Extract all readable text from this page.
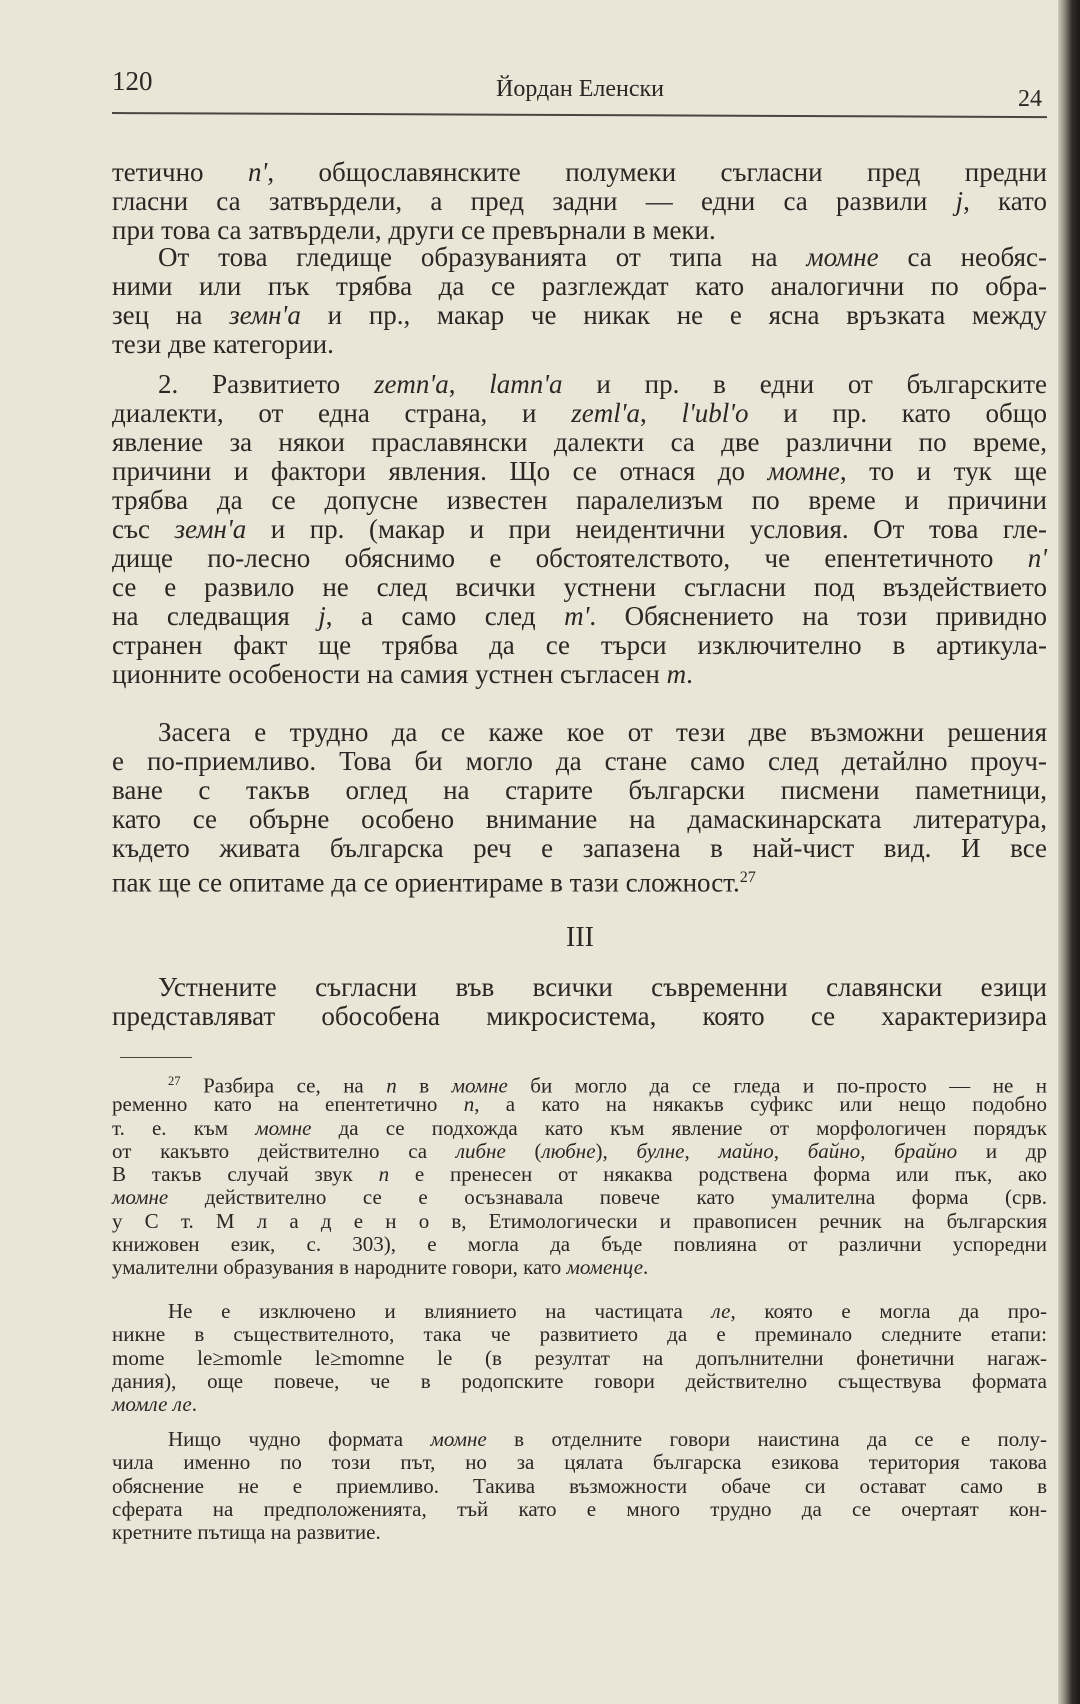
120	Йордан Еленски	24
тетично n', общославянските полумеки съгласни пред предни
гласни са затвърдели, а пред задни — едни са развили j, като
при това са затвърдели, други се превърнали в меки.
От това гледище образуванията от типа на момне са необяс-
ними или пък трябва да се разглеждат като аналогични по обра-
зец на земн'а и пр., макар че никак не е ясна връзката между
тези две категории.
2. Развитието zemn'a, lamn'a и пр. в едни от българските
диалекти, от една страна, и zeml'a, l'ubl'o и пр. като общо
явление за някои праславянски далекти са две различни по време,
причини и фактори явления. Що се отнася до момне, то и тук ще
трябва да се допусне известен паралелизъм по време и причини
със земн'а и пр. (макар и при неидентични условия. От това гле-
дище по-лесно обяснимо е обстоятелството, че епентетичното n'
се е развило не след всички устнени съгласни под въздействието
на следващия j, а само след m'. Обяснението на този привидно
странен факт ще трябва да се търси изключително в артикула-
ционните особености на самия устнен съгласен m.
Засега е трудно да се каже кое от тези две възможни решения
е по-приемливо. Това би могло да стане само след детайлно проуч-
ване с такъв оглед на старите български писмени паметници,
като се обърне особено внимание на дамаскинарската литература,
където живата българска реч е запазена в най-чист вид. И все
пак ще се опитаме да се ориентираме в тази сложност.$^{27}$
III
Устнените съгласни във всички съвременни славянски езици
представляват обособена микросистема, която се характеризира
$^{27}$ Разбира се, на n в момне би могло да се гледа и по-просто — не н
ременно като на епентетично n, а като на някакъв суфикс или нещо подобно
т. е. към момне да се подхожда като към явление от морфологичен порядък
от какъвто действително са либне (любне), булне, майно, байно, брайно и др
В такъв случай звук n е пренесен от някаква родствена форма или пък, ако
момне действително се е осъзнавала повече като умалителна форма (срв.
у С т. М л а д е н о в, Етимологически и правописен речник на българския
книжовен език, с. 303), е могла да бъде повлияна от различни успоредни
умалителни образувания в народните говори, като моменце.
Не е изключено и влиянието на частицата ле, която е могла да про-
никне в съществителното, така че развитието да е преминало следните етапи:
mome le≥momle le≥momne le (в резултат на допълнителни фонетични нагаж-
дания), още повече, че в родопските говори действително съществува формата
момле ле.
Нищо чудно формата момне в отделните говори наистина да се е полу-
чила именно по този път, но за цялата българска езикова територия такова
обяснение не е приемливо. Такива възможности обаче си остават само в
сферата на предположенията, тъй като е много трудно да се очертаят кон-
кретните пътища на развитие.
